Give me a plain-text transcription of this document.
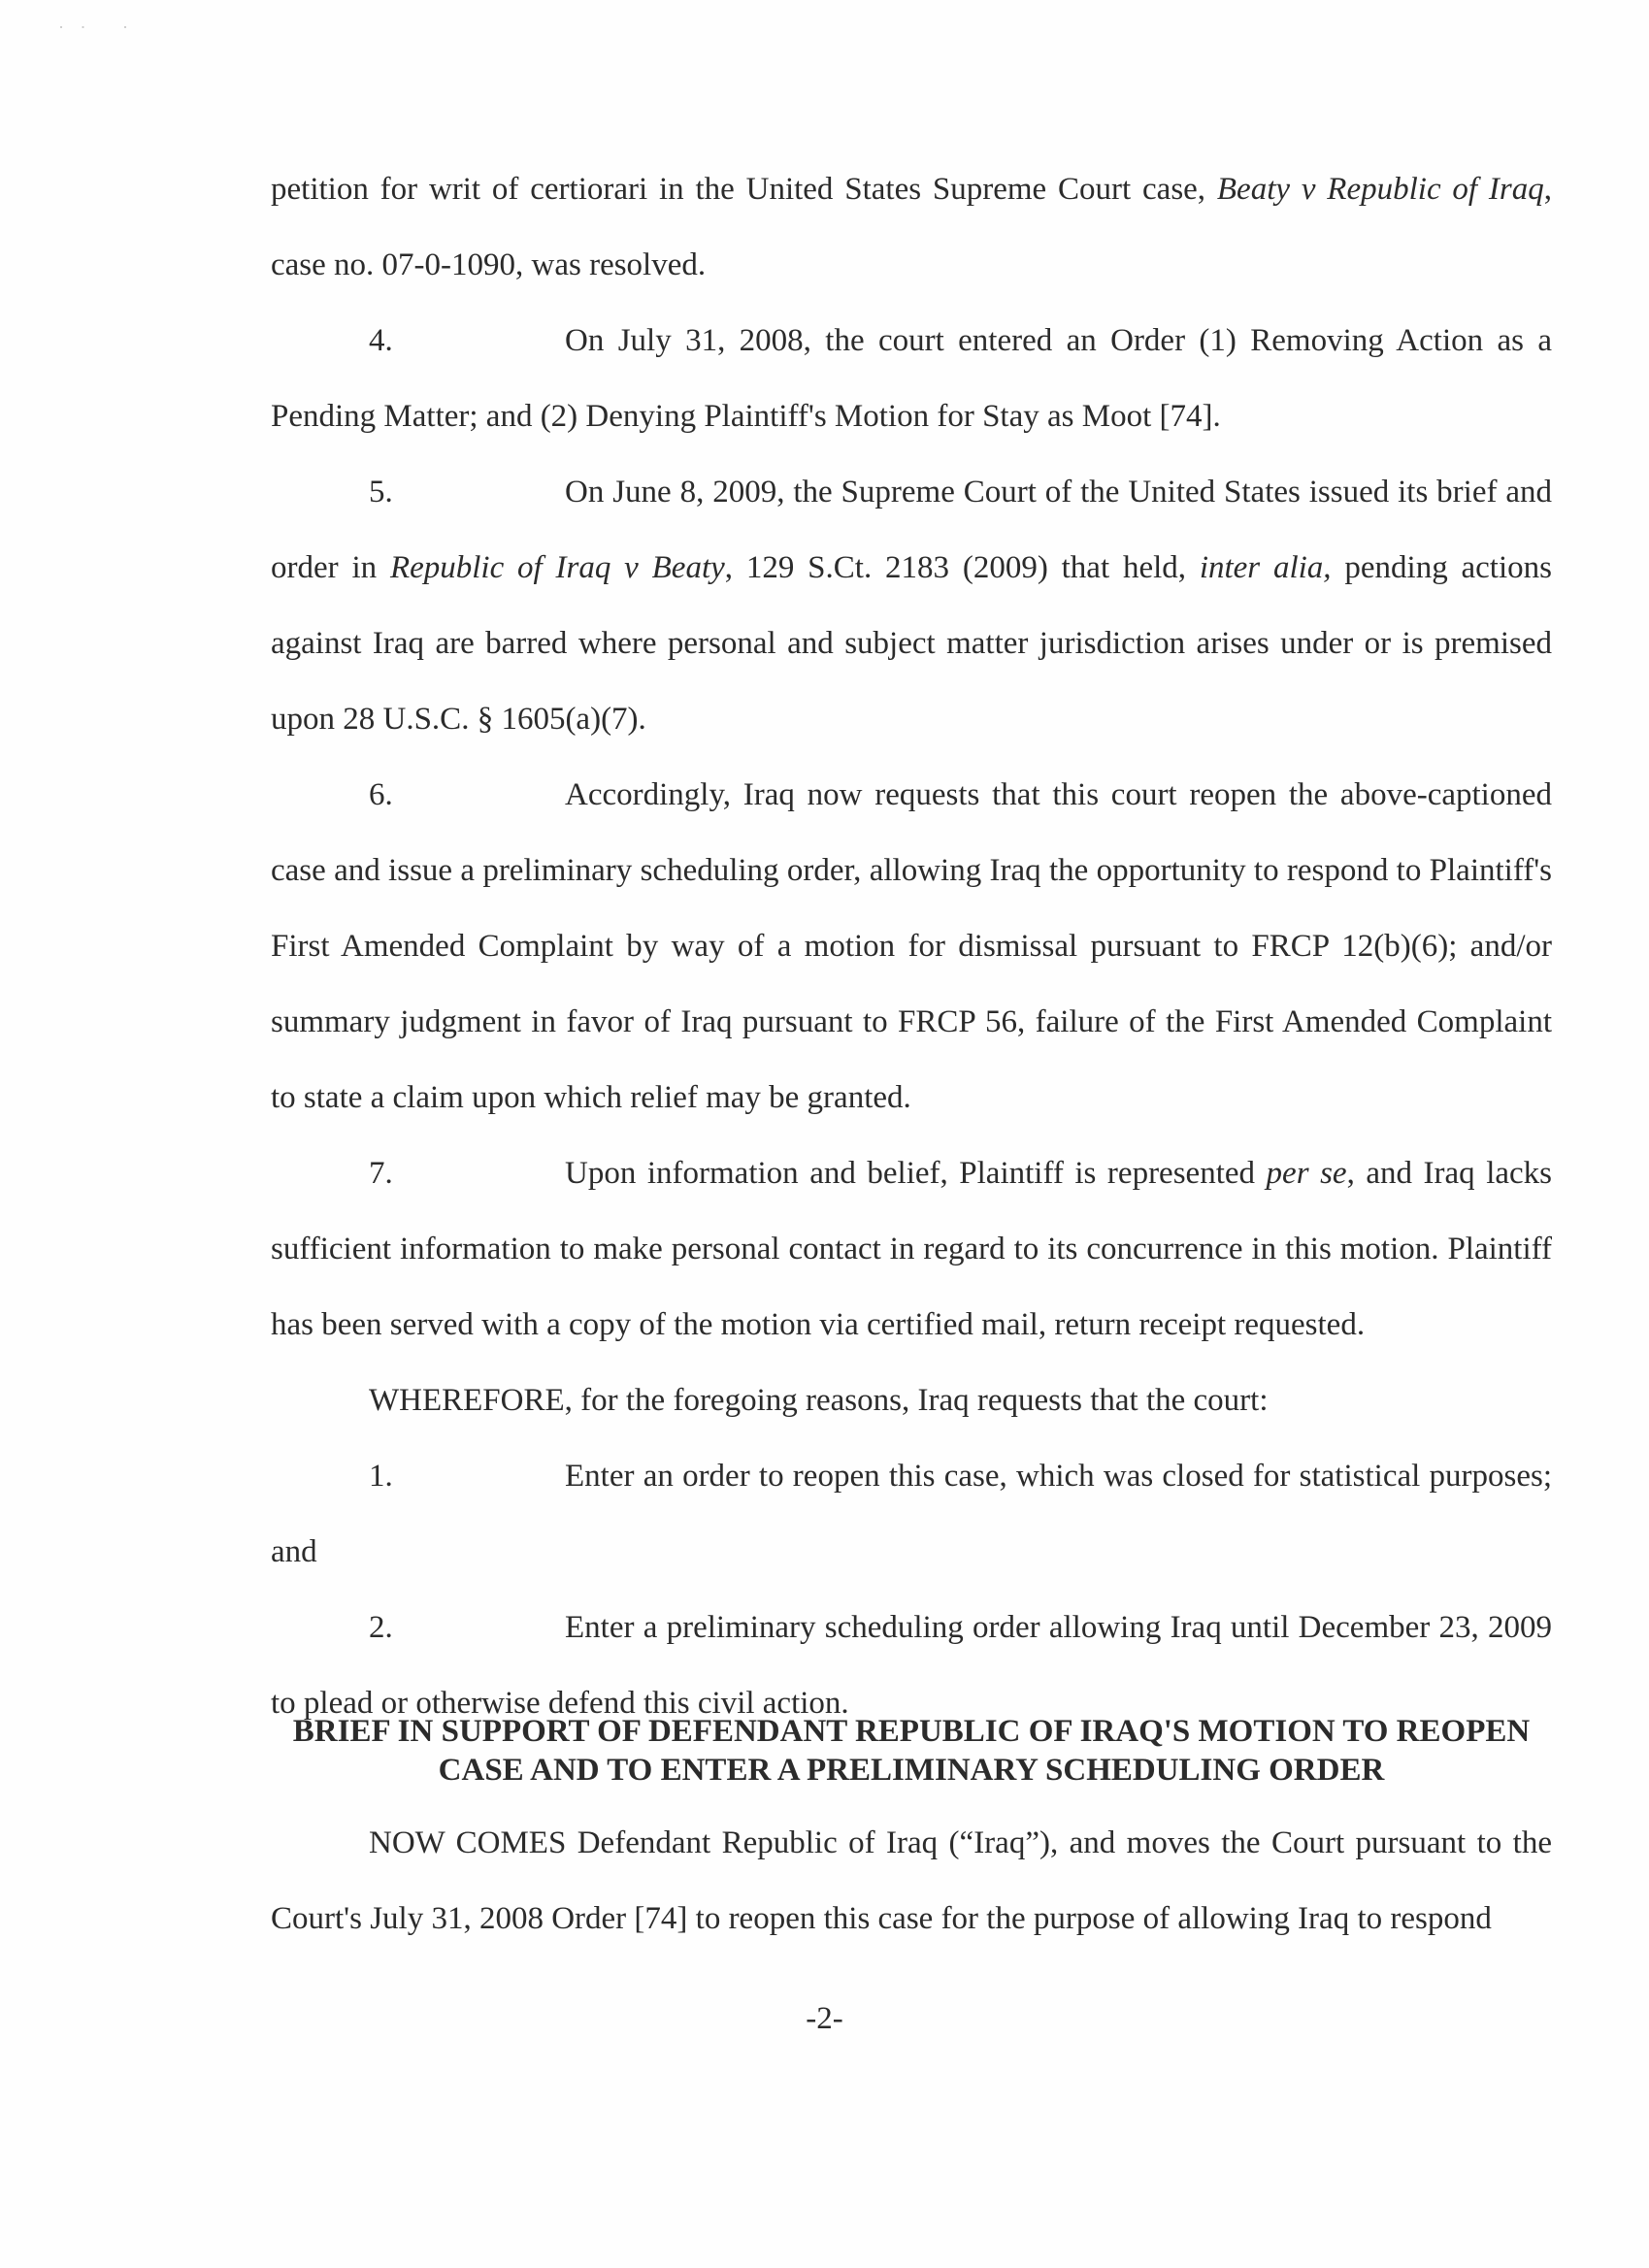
· ·   ·

petition for writ of certiorari in the United States Supreme Court case, Beaty v Republic of Iraq, case no. 07-0-1090, was resolved.

4.	On July 31, 2008, the court entered an Order (1) Removing Action as a Pending Matter; and (2) Denying Plaintiff's Motion for Stay as Moot [74].

5.	On June 8, 2009, the Supreme Court of the United States issued its brief and order in Republic of Iraq v Beaty, 129 S.Ct. 2183 (2009) that held, inter alia, pending actions against Iraq are barred where personal and subject matter jurisdiction arises under or is premised upon 28 U.S.C. § 1605(a)(7).

6.	Accordingly, Iraq now requests that this court reopen the above-captioned case and issue a preliminary scheduling order, allowing Iraq the opportunity to respond to Plaintiff's First Amended Complaint by way of a motion for dismissal pursuant to FRCP 12(b)(6); and/or summary judgment in favor of Iraq pursuant to FRCP 56, failure of the First Amended Complaint to state a claim upon which relief may be granted.

7.	Upon information and belief, Plaintiff is represented per se, and Iraq lacks sufficient information to make personal contact in regard to its concurrence in this motion. Plaintiff has been served with a copy of the motion via certified mail, return receipt requested.

WHEREFORE, for the foregoing reasons, Iraq requests that the court:

1.	Enter an order to reopen this case, which was closed for statistical purposes; and

2.	Enter a preliminary scheduling order allowing Iraq until December 23, 2009 to plead or otherwise defend this civil action.

BRIEF IN SUPPORT OF DEFENDANT REPUBLIC OF IRAQ'S MOTION TO REOPEN
CASE AND TO ENTER A PRELIMINARY SCHEDULING ORDER

NOW COMES Defendant Republic of Iraq (“Iraq”), and moves the Court pursuant to the Court's July 31, 2008 Order [74] to reopen this case for the purpose of allowing Iraq to respond

-2-
